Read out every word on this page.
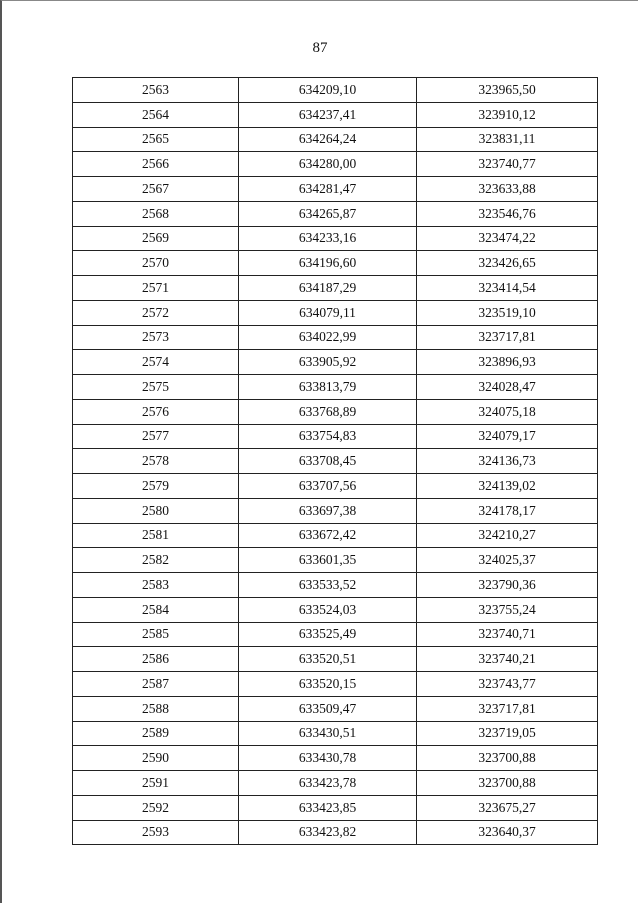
87
2563	634209,10	323965,50
2564	634237,41	323910,12
2565	634264,24	323831,11
2566	634280,00	323740,77
2567	634281,47	323633,88
2568	634265,87	323546,76
2569	634233,16	323474,22
2570	634196,60	323426,65
2571	634187,29	323414,54
2572	634079,11	323519,10
2573	634022,99	323717,81
2574	633905,92	323896,93
2575	633813,79	324028,47
2576	633768,89	324075,18
2577	633754,83	324079,17
2578	633708,45	324136,73
2579	633707,56	324139,02
2580	633697,38	324178,17
2581	633672,42	324210,27
2582	633601,35	324025,37
2583	633533,52	323790,36
2584	633524,03	323755,24
2585	633525,49	323740,71
2586	633520,51	323740,21
2587	633520,15	323743,77
2588	633509,47	323717,81
2589	633430,51	323719,05
2590	633430,78	323700,88
2591	633423,78	323700,88
2592	633423,85	323675,27
2593	633423,82	323640,37
